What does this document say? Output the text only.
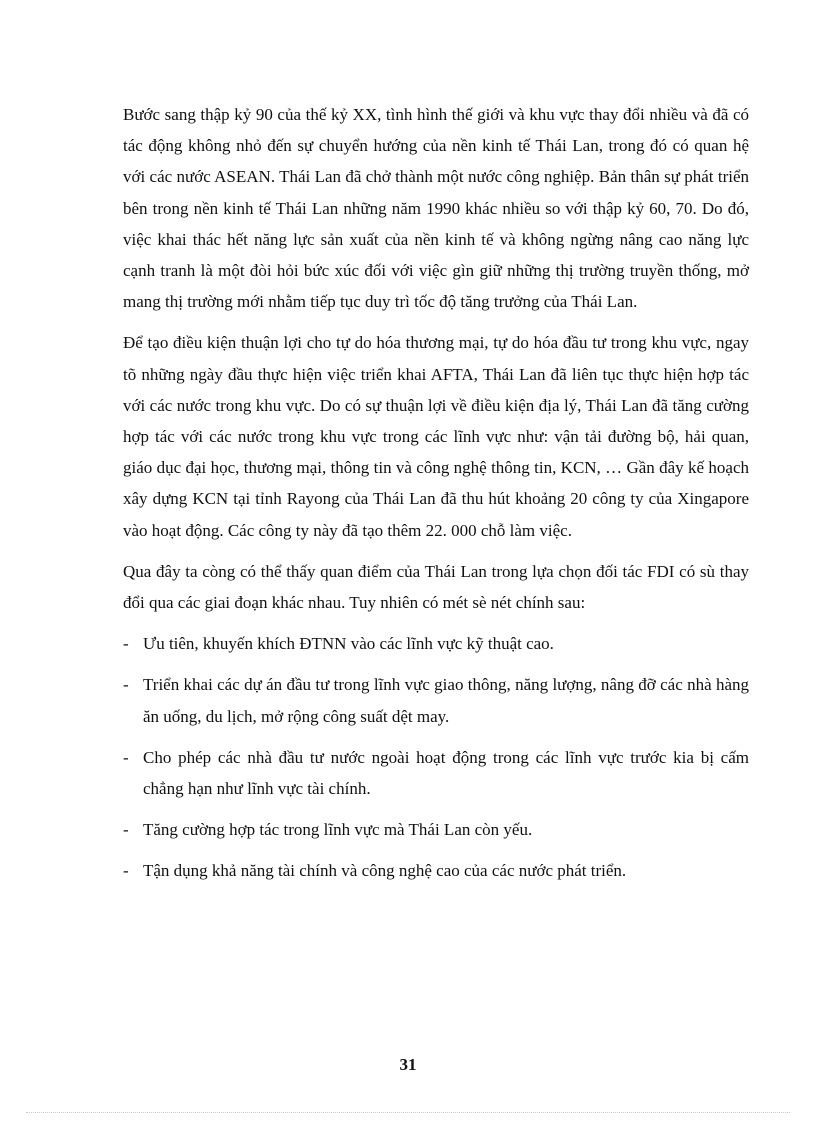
Bước sang thập kỷ 90 của thế kỷ XX, tình hình thế giới và khu vực thay đổi nhiều và đã có tác động không nhỏ đến sự chuyển hướng của nền kinh tế Thái Lan, trong đó có quan hệ với các nước ASEAN. Thái Lan đã chở thành một nước công nghiệp. Bản thân sự phát triển bên trong nền kinh tế Thái Lan những năm 1990 khác nhiều so với thập kỷ 60, 70. Do đó, việc khai thác hết năng lực sản xuất của nền kinh tế và không ngừng nâng cao năng lực cạnh tranh là một đòi hỏi bức xúc đối với việc gìn giữ những thị trường truyền thống, mở mang thị trường mới nhằm tiếp tục duy trì tốc độ tăng trưởng của Thái Lan.

Để tạo điều kiện thuận lợi cho tự do hóa thương mại, tự do hóa đầu tư trong khu vực, ngay tõ những ngày đầu thực hiện việc triển khai AFTA, Thái Lan đã liên tục thực hiện hợp tác với các nước trong khu vực. Do có sự thuận lợi về điều kiện địa lý, Thái Lan đã tăng cường hợp tác với các nước trong khu vực trong các lĩnh vực như: vận tải đường bộ, hải quan, giáo dục đại học, thương mại, thông tin và công nghệ thông tin, KCN, … Gần đây kế hoạch xây dựng KCN tại tỉnh Rayong của Thái Lan đã thu hút khoảng 20 công ty của Xingapore vào hoạt động. Các công ty này đã tạo thêm 22. 000 chỗ làm việc.

Qua đây ta còng có thể thấy quan điểm của Thái Lan trong lựa chọn đối tác FDI có sù thay đổi qua các giai đoạn khác nhau. Tuy nhiên có mét sè nét chính sau:

- Ưu tiên, khuyến khích ĐTNN vào các lĩnh vực kỹ thuật cao.
- Triển khai các dự án đầu tư trong lĩnh vực giao thông, năng lượng, nâng đỡ các nhà hàng ăn uống, du lịch, mở rộng công suất dệt may.
- Cho phép các nhà đầu tư nước ngoài hoạt động trong các lĩnh vực trước kia bị cấm chẳng hạn như lĩnh vực tài chính.
- Tăng cường hợp tác trong lĩnh vực mà Thái Lan còn yếu.
- Tận dụng khả năng tài chính và công nghệ cao của các nước phát triển.
31
